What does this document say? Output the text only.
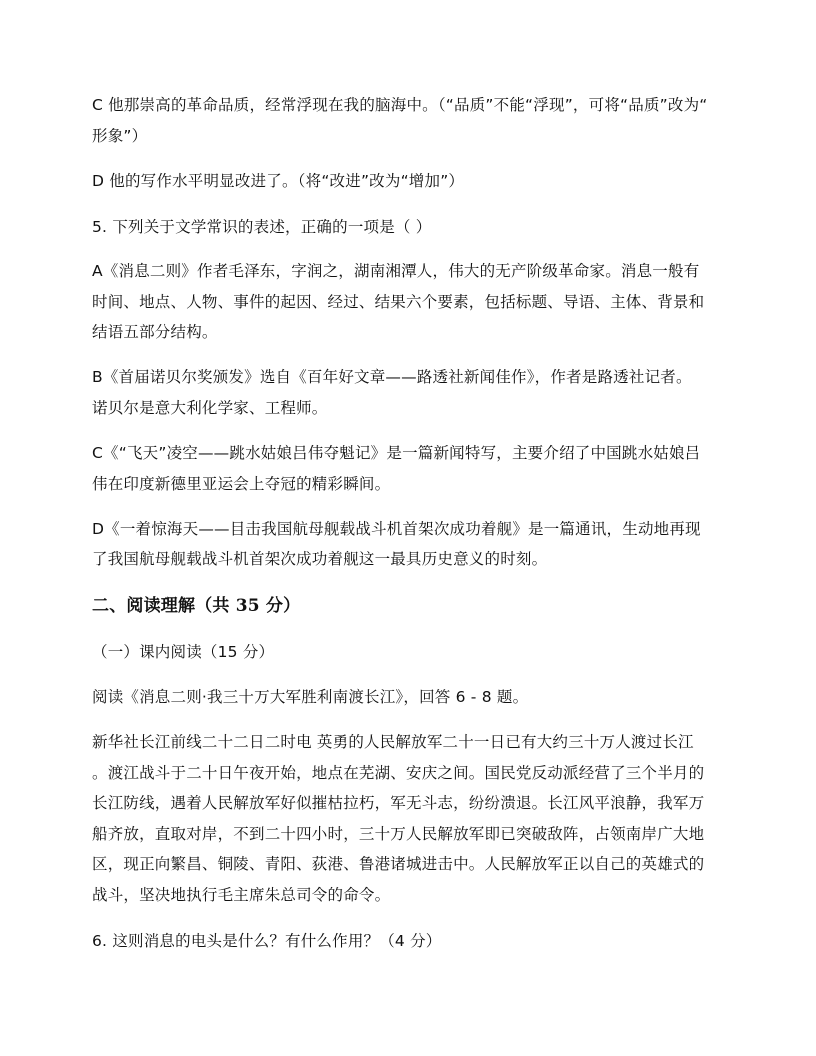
C 他那崇高的革命品质，经常浮现在我的脑海中。（“品质”不能“浮现”，可将“品质”改为“
形象”）
D 他的写作水平明显改进了。（将“改进”改为“增加”）
5. 下列关于文学常识的表述，正确的一项是（ ）
A《消息二则》作者毛泽东，字润之，湖南湘潭人，伟大的无产阶级革命家。消息一般有
时间、地点、人物、事件的起因、经过、结果六个要素，包括标题、导语、主体、背景和
结语五部分结构。
B《首届诺贝尔奖颁发》选自《百年好文章——路透社新闻佳作》，作者是路透社记者。
诺贝尔是意大利化学家、工程师。
C《“飞天”凌空——跳水姑娘吕伟夺魁记》是一篇新闻特写，主要介绍了中国跳水姑娘吕
伟在印度新德里亚运会上夺冠的精彩瞬间。
D《一着惊海天——目击我国航母舰载战斗机首架次成功着舰》是一篇通讯，生动地再现
了我国航母舰载战斗机首架次成功着舰这一最具历史意义的时刻。
二、阅读理解（共 35 分）
（一）课内阅读（15 分）
阅读《消息二则·我三十万大军胜利南渡长江》，回答 6 - 8 题。
新华社长江前线二十二日二时电 英勇的人民解放军二十一日已有大约三十万人渡过长江
。渡江战斗于二十日午夜开始，地点在芜湖、安庆之间。国民党反动派经营了三个半月的
长江防线，遇着人民解放军好似摧枯拉朽，军无斗志，纷纷溃退。长江风平浪静，我军万
船齐放，直取对岸，不到二十四小时，三十万人民解放军即已突破敌阵，占领南岸广大地
区，现正向繁昌、铜陵、青阳、荻港、鲁港诸城进击中。人民解放军正以自己的英雄式的
战斗，坚决地执行毛主席朱总司令的命令。
6. 这则消息的电头是什么？有什么作用？（4 分）
